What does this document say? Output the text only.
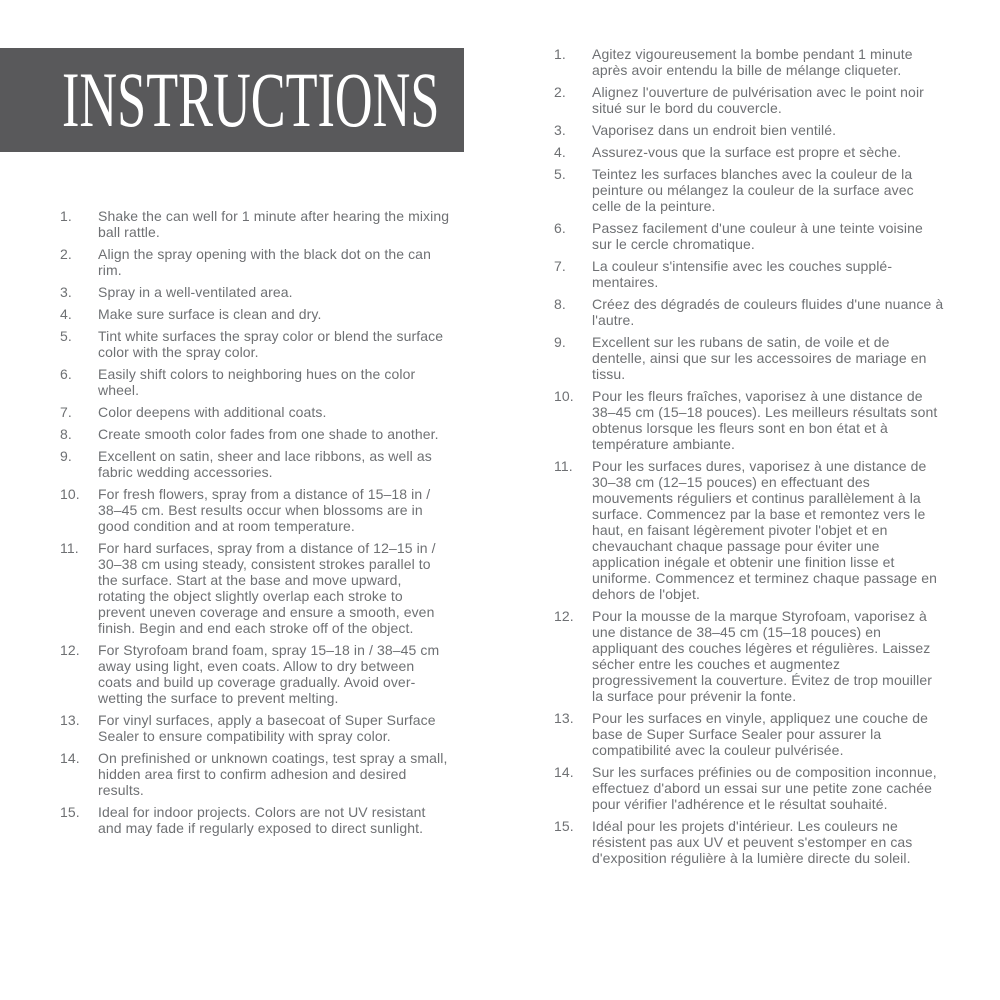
INSTRUCTIONS
1.	Shake the can well for 1 minute after hearing the mixing ball rattle.
2.	Align the spray opening with the black dot on the can rim.
3.	Spray in a well-ventilated area.
4.	Make sure surface is clean and dry.
5.	Tint white surfaces the spray color or blend the surface color with the spray color.
6.	Easily shift colors to neighboring hues on the color wheel.
7.	Color deepens with additional coats.
8.	Create smooth color fades from one shade to another.
9.	Excellent on satin, sheer and lace ribbons, as well as fabric wedding accessories.
10.	For fresh flowers, spray from a distance of 15–18 in / 38–45 cm. Best results occur when blossoms are in good condition and at room temperature.
11.	For hard surfaces, spray from a distance of 12–15 in / 30–38 cm using steady, consistent strokes parallel to the surface. Start at the base and move upward, rotating the object slightly overlap each stroke to prevent uneven coverage and ensure a smooth, even finish. Begin and end each stroke off of the object.
12.	For Styrofoam brand foam, spray 15–18 in / 38–45 cm away using light, even coats. Allow to dry between coats and build up coverage gradually. Avoid over-wetting the surface to prevent melting.
13.	For vinyl surfaces, apply a basecoat of Super Surface Sealer to ensure compatibility with spray color.
14.	On prefinished or unknown coatings, test spray a small, hidden area first to confirm adhesion and desired results.
15.	Ideal for indoor projects. Colors are not UV resistant and may fade if regularly exposed to direct sunlight.
1.	Agitez vigoureusement la bombe pendant 1 minute après avoir entendu la bille de mélange cliqueter.
2.	Alignez l'ouverture de pulvérisation avec le point noir situé sur le bord du couvercle.
3.	Vaporisez dans un endroit bien ventilé.
4.	Assurez-vous que la surface est propre et sèche.
5.	Teintez les surfaces blanches avec la couleur de la peinture ou mélangez la couleur de la surface avec celle de la peinture.
6.	Passez facilement d'une couleur à une teinte voisine sur le cercle chromatique.
7.	La couleur s'intensifie avec les couches supplémentaires.
8.	Créez des dégradés de couleurs fluides d'une nuance à l'autre.
9.	Excellent sur les rubans de satin, de voile et de dentelle, ainsi que sur les accessoires de mariage en tissu.
10.	Pour les fleurs fraîches, vaporisez à une distance de 38–45 cm (15–18 pouces). Les meilleurs résultats sont obtenus lorsque les fleurs sont en bon état et à température ambiante.
11.	Pour les surfaces dures, vaporisez à une distance de 30–38 cm (12–15 pouces) en effectuant des mouvements réguliers et continus parallèlement à la surface. Commencez par la base et remontez vers le haut, en faisant légèrement pivoter l'objet et en chevauchant chaque passage pour éviter une application inégale et obtenir une finition lisse et uniforme. Commencez et terminez chaque passage en dehors de l'objet.
12.	Pour la mousse de la marque Styrofoam, vaporisez à une distance de 38–45 cm (15–18 pouces) en appliquant des couches légères et régulières. Laissez sécher entre les couches et augmentez progressivement la couverture. Évitez de trop mouiller la surface pour prévenir la fonte.
13.	Pour les surfaces en vinyle, appliquez une couche de base de Super Surface Sealer pour assurer la compatibilité avec la couleur pulvérisée.
14.	Sur les surfaces préfinies ou de composition inconnue, effectuez d'abord un essai sur une petite zone cachée pour vérifier l'adhérence et le résultat souhaité.
15.	Idéal pour les projets d'intérieur. Les couleurs ne résistent pas aux UV et peuvent s'estomper en cas d'exposition régulière à la lumière directe du soleil.
